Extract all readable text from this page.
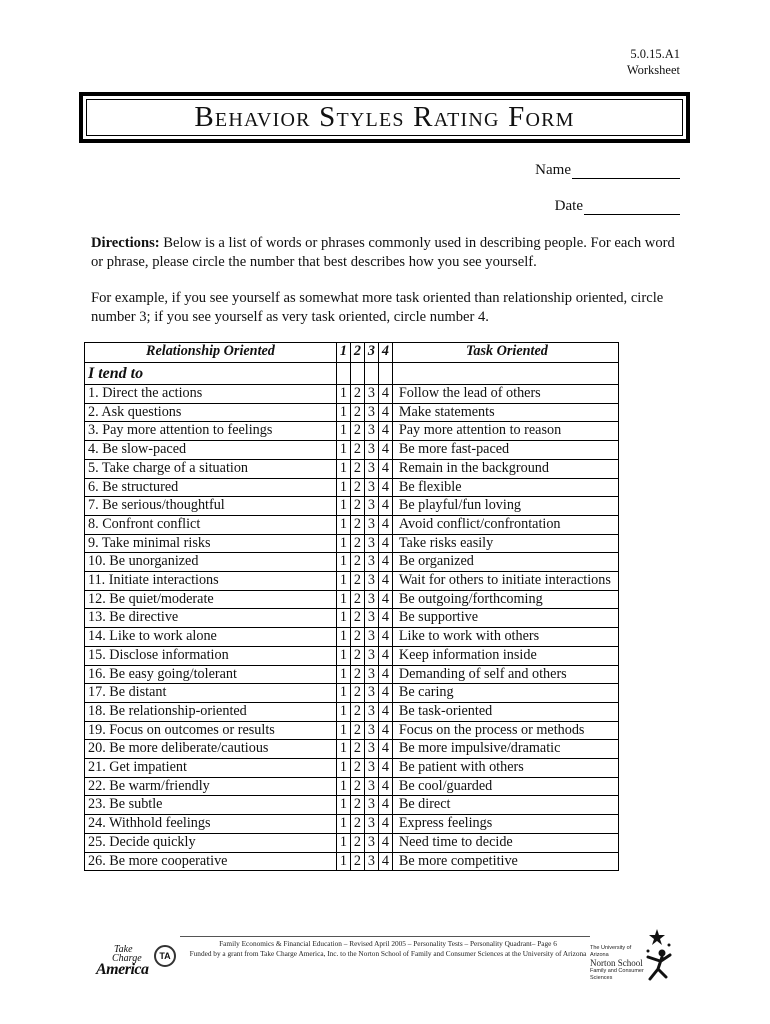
5.0.15.A1
Worksheet
Behavior Styles Rating Form
Name
Date
Directions: Below is a list of words or phrases commonly used in describing people. For each word or phrase, please circle the number that best describes how you see yourself.
For example, if you see yourself as somewhat more task oriented than relationship oriented, circle number 3; if you see yourself as very task oriented, circle number 4.
Relationship Oriented	1	2	3	4	Task Oriented
I tend to					
1. Direct the actions	1	2	3	4	Follow the lead of others
2. Ask questions	1	2	3	4	Make statements
3. Pay more attention to feelings	1	2	3	4	Pay more attention to reason
4. Be slow-paced	1	2	3	4	Be more fast-paced
5. Take charge of a situation	1	2	3	4	Remain in the background
6. Be structured	1	2	3	4	Be flexible
7. Be serious/thoughtful	1	2	3	4	Be playful/fun loving
8. Confront conflict	1	2	3	4	Avoid conflict/confrontation
9. Take minimal risks	1	2	3	4	Take risks easily
10. Be unorganized	1	2	3	4	Be organized
11. Initiate interactions	1	2	3	4	Wait for others to initiate interactions
12. Be quiet/moderate	1	2	3	4	Be outgoing/forthcoming
13. Be directive	1	2	3	4	Be supportive
14. Like to work alone	1	2	3	4	Like to work with others
15. Disclose information	1	2	3	4	Keep information inside
16. Be easy going/tolerant	1	2	3	4	Demanding of self and others
17. Be distant	1	2	3	4	Be caring
18. Be relationship-oriented	1	2	3	4	Be task-oriented
19. Focus on outcomes or results	1	2	3	4	Focus on the process or methods
20. Be more deliberate/cautious	1	2	3	4	Be more impulsive/dramatic
21. Get impatient	1	2	3	4	Be patient with others
22. Be warm/friendly	1	2	3	4	Be cool/guarded
23. Be subtle	1	2	3	4	Be direct
24. Withhold feelings	1	2	3	4	Express feelings
25. Decide quickly	1	2	3	4	Need time to decide
26. Be more cooperative	1	2	3	4	Be more competitive
Family Economics & Financial Education – Revised April 2005 – Personality Tests – Personality Quadrant– Page 6
Funded by a grant from Take Charge America, Inc. to the Norton School of Family and Consumer Sciences at the University of Arizona
Take
Charge
America
TA
The University of Arizona
Norton School
Family and Consumer Sciences
